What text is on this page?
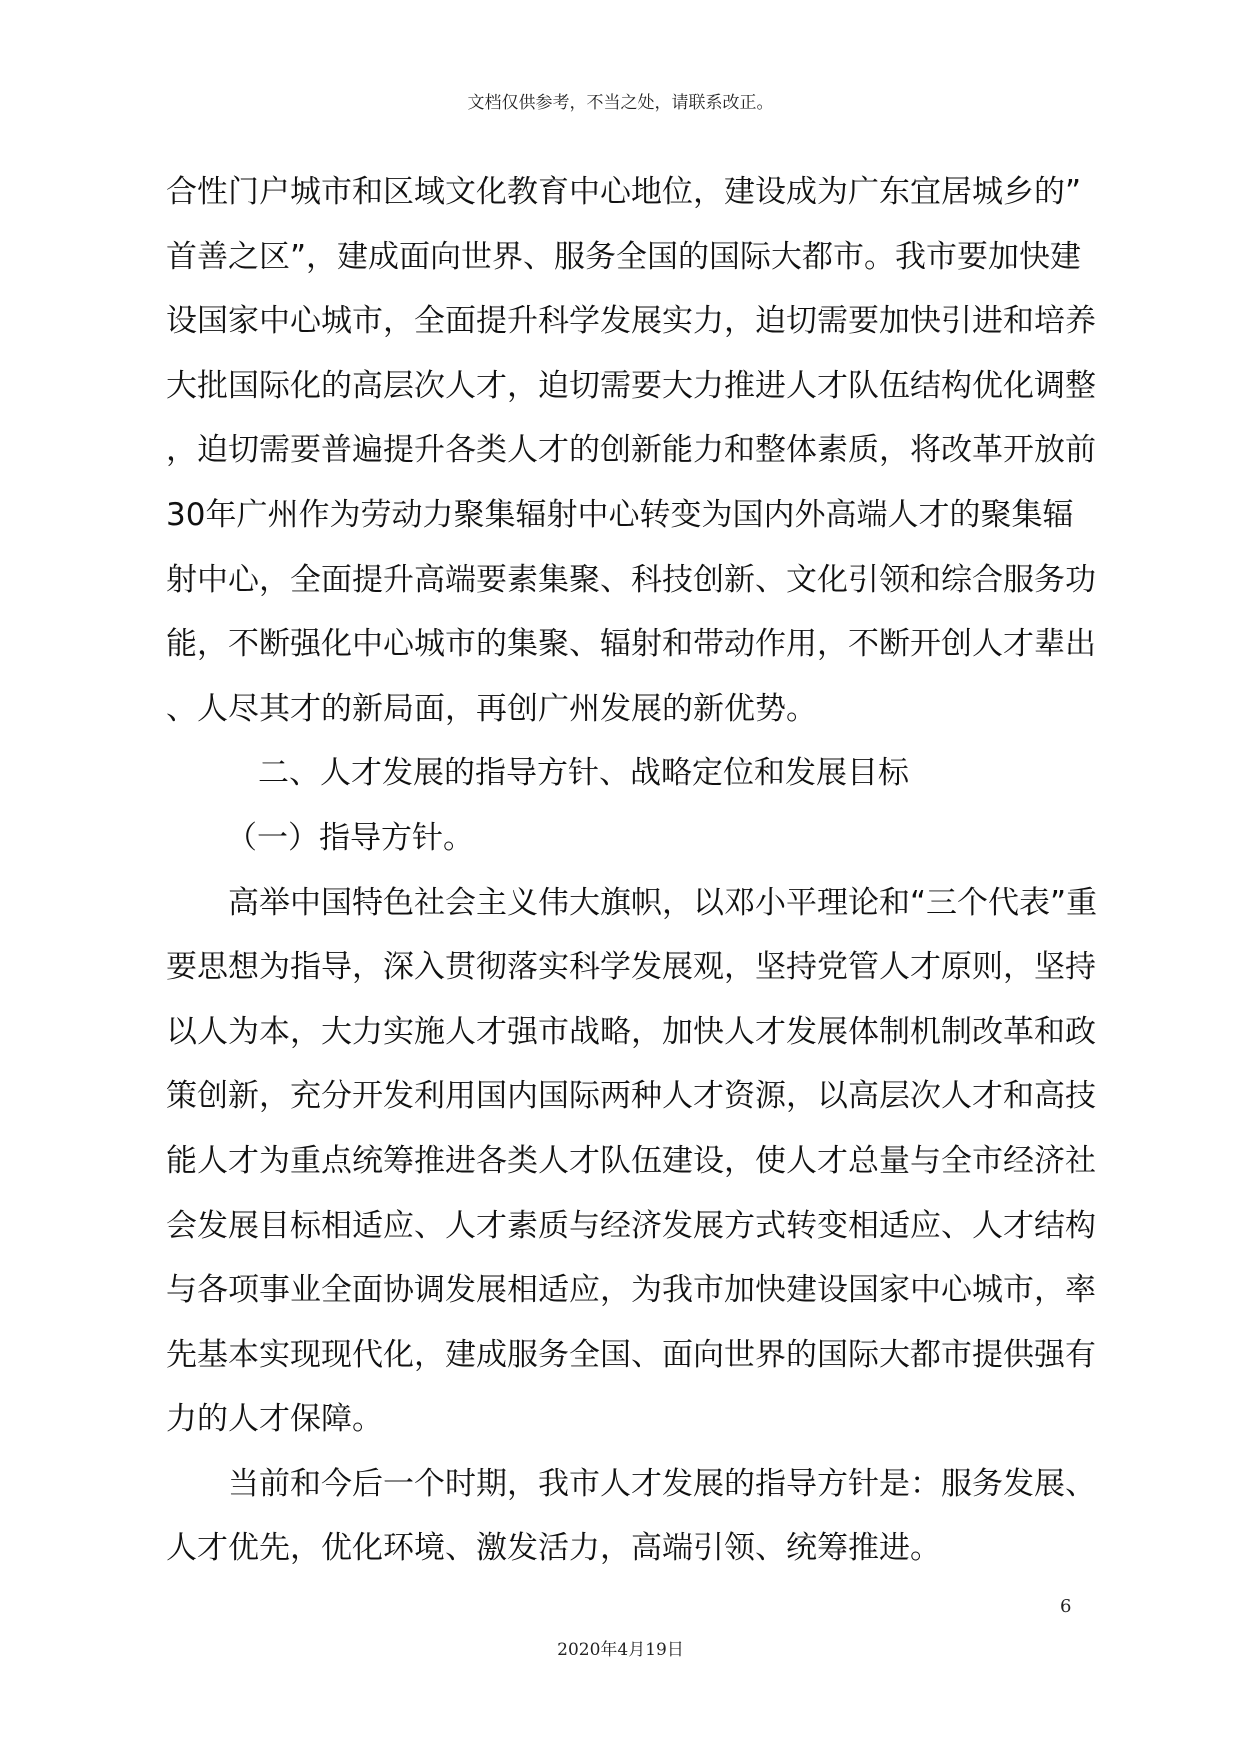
文档仅供参考，不当之处，请联系改正。
合性门户城市和区域文化教育中心地位，建设成为广东宜居城乡的”
首善之区”，建成面向世界、服务全国的国际大都市。我市要加快建
设国家中心城市，全面提升科学发展实力，迫切需要加快引进和培养
大批国际化的高层次人才，迫切需要大力推进人才队伍结构优化调整
，迫切需要普遍提升各类人才的创新能力和整体素质，将改革开放前
30年广州作为劳动力聚集辐射中心转变为国内外高端人才的聚集辐
射中心，全面提升高端要素集聚、科技创新、文化引领和综合服务功
能，不断强化中心城市的集聚、辐射和带动作用，不断开创人才辈出
、人尽其才的新局面，再创广州发展的新优势。
二、人才发展的指导方针、战略定位和发展目标
（一）指导方针。
高举中国特色社会主义伟大旗帜，以邓小平理论和“三个代表”重
要思想为指导，深入贯彻落实科学发展观，坚持党管人才原则，坚持
以人为本，大力实施人才强市战略，加快人才发展体制机制改革和政
策创新，充分开发利用国内国际两种人才资源，以高层次人才和高技
能人才为重点统筹推进各类人才队伍建设，使人才总量与全市经济社
会发展目标相适应、人才素质与经济发展方式转变相适应、人才结构
与各项事业全面协调发展相适应，为我市加快建设国家中心城市，率
先基本实现现代化，建成服务全国、面向世界的国际大都市提供强有
力的人才保障。
当前和今后一个时期，我市人才发展的指导方针是：服务发展、
人才优先，优化环境、激发活力，高端引领、统筹推进。
6
2020年4月19日
